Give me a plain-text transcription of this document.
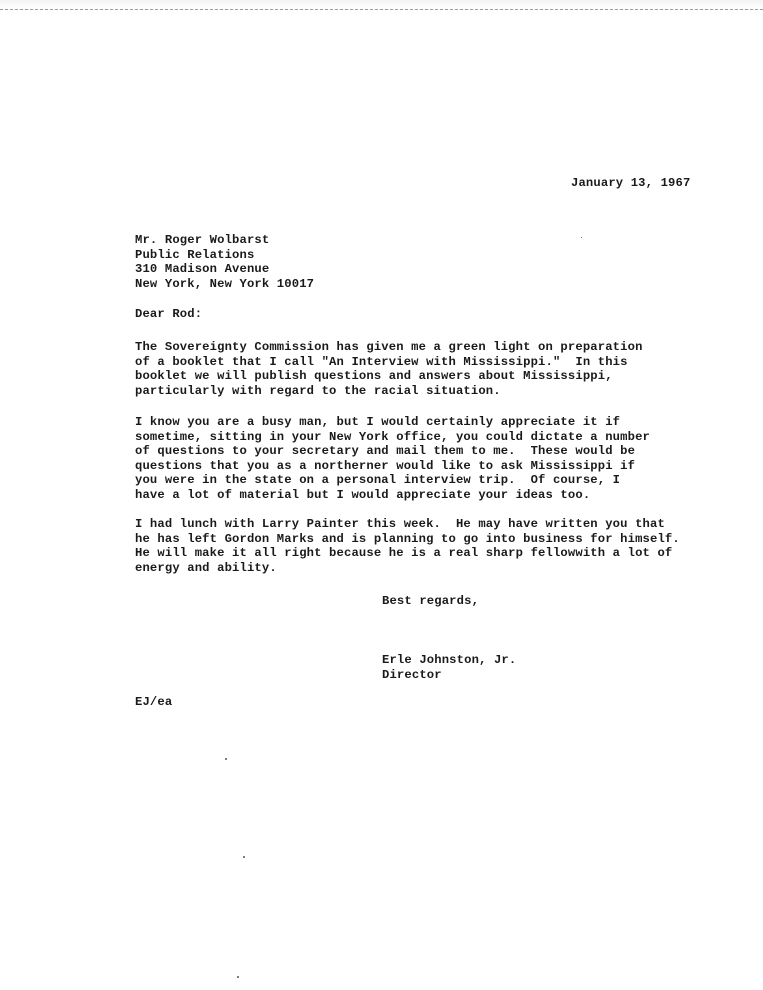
January 13, 1967
Mr. Roger Wolbarst
Public Relations
310 Madison Avenue
New York, New York 10017
Dear Rod:
The Sovereignty Commission has given me a green light on preparation
of a booklet that I call "An Interview with Mississippi."  In this
booklet we will publish questions and answers about Mississippi,
particularly with regard to the racial situation.
I know you are a busy man, but I would certainly appreciate it if
sometime, sitting in your New York office, you could dictate a number
of questions to your secretary and mail them to me.  These would be
questions that you as a northerner would like to ask Mississippi if
you were in the state on a personal interview trip.  Of course, I
have a lot of material but I would appreciate your ideas too.
I had lunch with Larry Painter this week.  He may have written you that
he has left Gordon Marks and is planning to go into business for himself.
He will make it all right because he is a real sharp fellowwith a lot of
energy and ability.
Best regards,
Erle Johnston, Jr.
Director
EJ/ea
